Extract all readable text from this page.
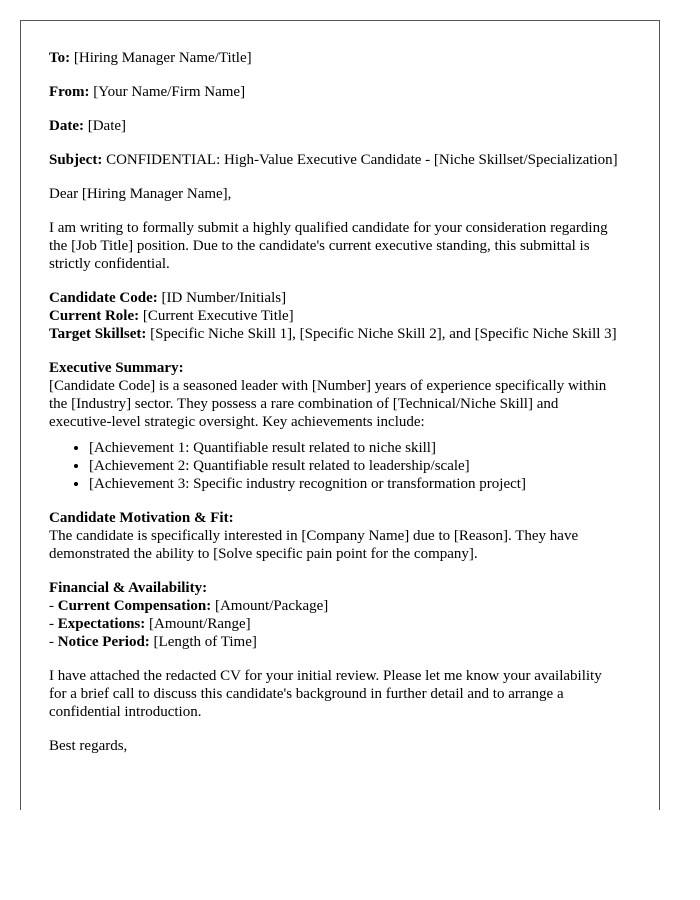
To: [Hiring Manager Name/Title]

From: [Your Name/Firm Name]

Date: [Date]

Subject: CONFIDENTIAL: High-Value Executive Candidate - [Niche Skillset/Specialization]

Dear [Hiring Manager Name],

I am writing to formally submit a highly qualified candidate for your consideration regarding the [Job Title] position. Due to the candidate's current executive standing, this submittal is strictly confidential.

Candidate Code: [ID Number/Initials]
Current Role: [Current Executive Title]
Target Skillset: [Specific Niche Skill 1], [Specific Niche Skill 2], and [Specific Niche Skill 3]
Executive Summary:
[Candidate Code] is a seasoned leader with [Number] years of experience specifically within the [Industry] sector. They possess a rare combination of [Technical/Niche Skill] and executive-level strategic oversight. Key achievements include:
• [Achievement 1: Quantifiable result related to niche skill]
• [Achievement 2: Quantifiable result related to leadership/scale]
• [Achievement 3: Specific industry recognition or transformation project]
Candidate Motivation & Fit:
The candidate is specifically interested in [Company Name] due to [Reason]. They have demonstrated the ability to [Solve specific pain point for the company].
Financial & Availability:
- Current Compensation: [Amount/Package]
- Expectations: [Amount/Range]
- Notice Period: [Length of Time]

I have attached the redacted CV for your initial review. Please let me know your availability for a brief call to discuss this candidate's background in further detail and to arrange a confidential introduction.

Best regards,
